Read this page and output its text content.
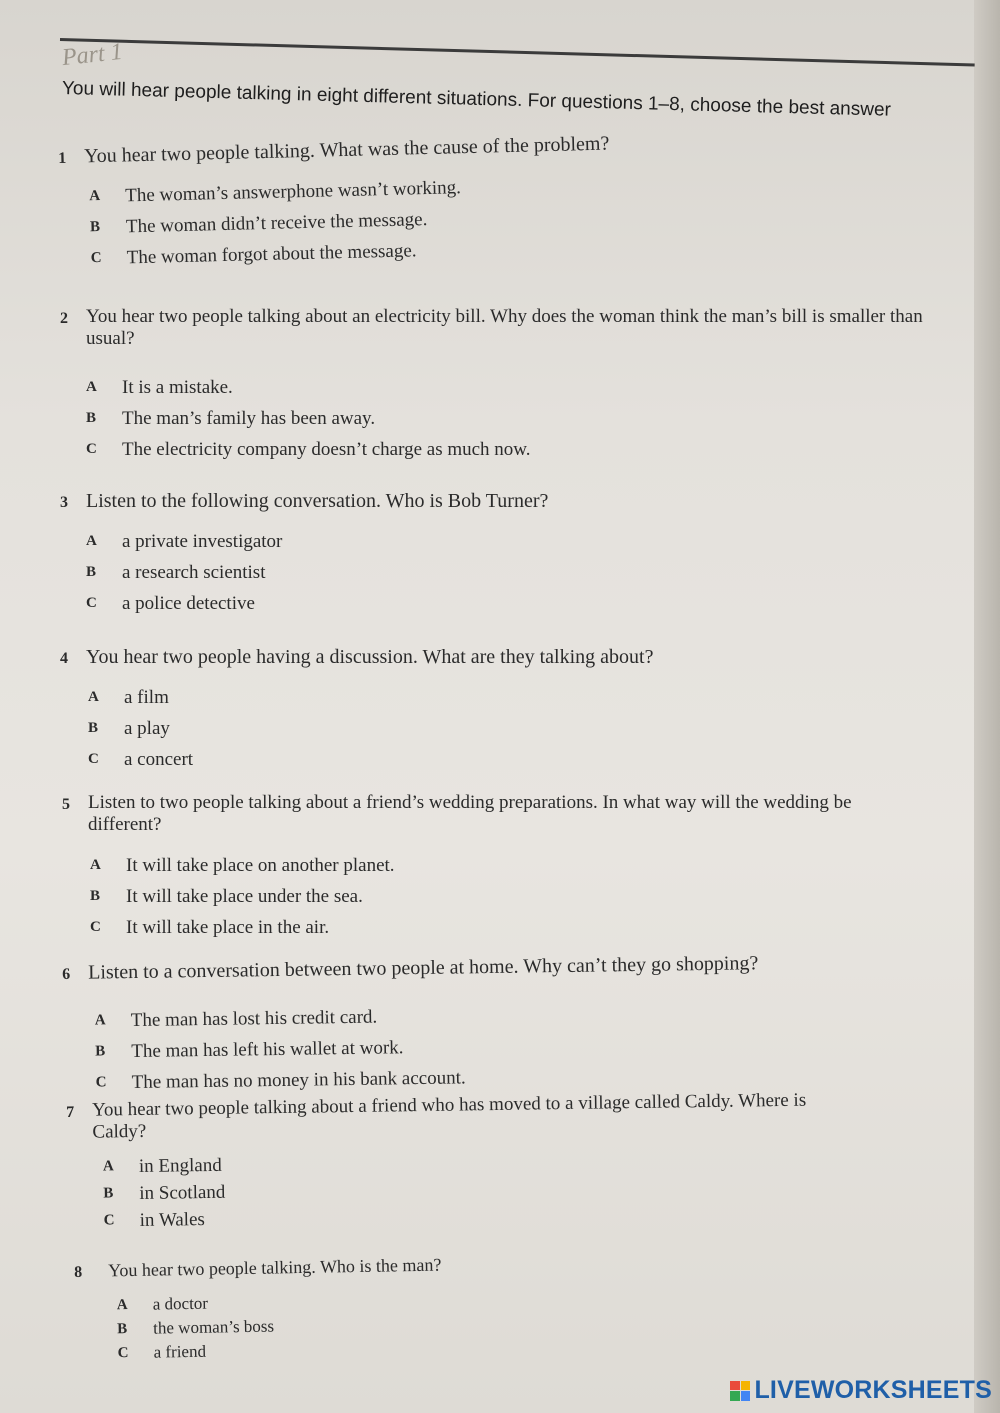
Part 1
You will hear people talking in eight different situations. For questions 1–8, choose the best answer
1 You hear two people talking. What was the cause of the problem?
A	The woman’s answerphone wasn’t working.
B	The woman didn’t receive the message.
C	The woman forgot about the message.
2 You hear two people talking about an electricity bill. Why does the woman think the man’s bill is smaller than usual?
A	It is a mistake.
B	The man’s family has been away.
C	The electricity company doesn’t charge as much now.
3 Listen to the following conversation. Who is Bob Turner?
A	a private investigator
B	a research scientist
C	a police detective
4 You hear two people having a discussion. What are they talking about?
A	a film
B	a play
C	a concert
5 Listen to two people talking about a friend’s wedding preparations. In what way will the wedding be different?
A	It will take place on another planet.
B	It will take place under the sea.
C	It will take place in the air.
6 Listen to a conversation between two people at home. Why can’t they go shopping?
A	The man has lost his credit card.
B	The man has left his wallet at work.
C	The man has no money in his bank account.
7 You hear two people talking about a friend who has moved to a village called Caldy. Where is Caldy?
A	in England
B	in Scotland
C	in Wales
8	You hear two people talking. Who is the man?
A	a doctor
B	the woman’s boss
C	a friend
LIVEWORKSHEETS
